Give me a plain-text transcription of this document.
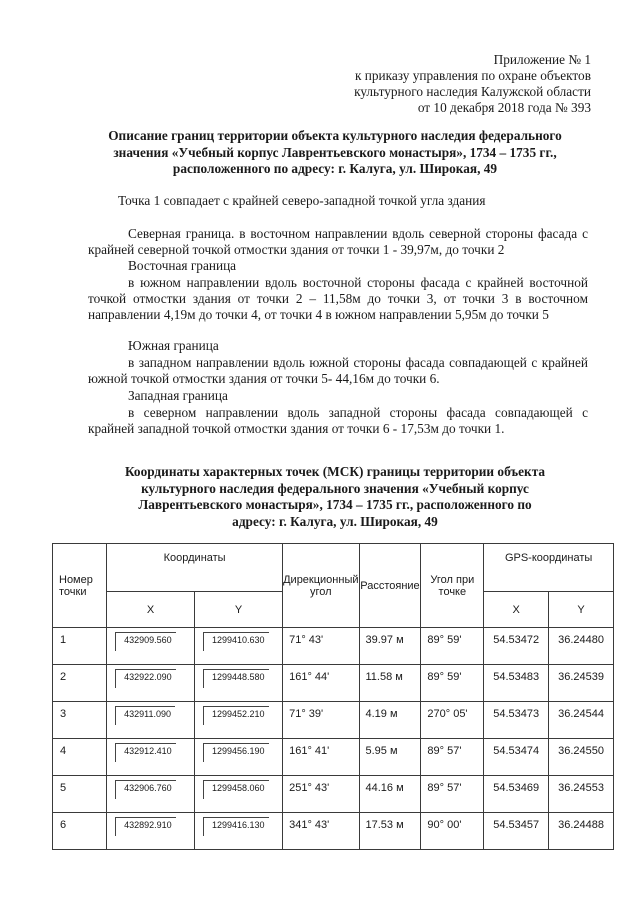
Приложение № 1
к приказу управления по охране объектов
культурного наследия Калужской области
от 10 декабря 2018 года № 393
Описание границ территории объекта культурного наследия федерального
значения «Учебный корпус Лаврентьевского монастыря», 1734 – 1735 гг.,
расположенного по адресу: г. Калуга, ул. Широкая, 49
Точка 1 совпадает с крайней северо-западной точкой угла здания
Северная граница. в восточном направлении вдоль северной стороны фасада с крайней северной точкой отмостки здания от точки 1 - 39,97м, до точки 2
Восточная граница
в южном направлении вдоль восточной стороны фасада с крайней восточной точкой отмостки здания от точки 2 – 11,58м до точки 3, от точки 3 в восточном направлении 4,19м до точки 4, от точки 4 в южном направлении 5,95м до точки 5
Южная граница
в западном направлении вдоль южной стороны фасада совпадающей с крайней южной точкой отмостки здания от точки 5- 44,16м до точки 6.
Западная граница
в северном направлении вдоль западной стороны фасада совпадающей с крайней западной точкой отмостки здания от точки 6 - 17,53м до точки 1.
Координаты характерных точек (МСК) границы территории объекта
культурного наследия федерального значения «Учебный корпус
Лаврентьевского монастыря», 1734 – 1735 гг., расположенного по
адресу: г. Калуга, ул. Широкая, 49
Номер точки	Координаты		Дирекционный угол	Расстояние	Угол при точке	GPS-координаты	
	X	Y				X	Y
1	432909.560	1299410.630	71° 43'	39.97 м	89° 59'	54.53472	36.24480
2	432922.090	1299448.580	161° 44'	11.58 м	89° 59'	54.53483	36.24539
3	432911.090	1299452.210	71° 39'	4.19 м	270° 05'	54.53473	36.24544
4	432912.410	1299456.190	161° 41'	5.95 м	89° 57'	54.53474	36.24550
5	432906.760	1299458.060	251° 43'	44.16 м	89° 57'	54.53469	36.24553
6	432892.910	1299416.130	341° 43'	17.53 м	90° 00'	54.53457	36.24488
